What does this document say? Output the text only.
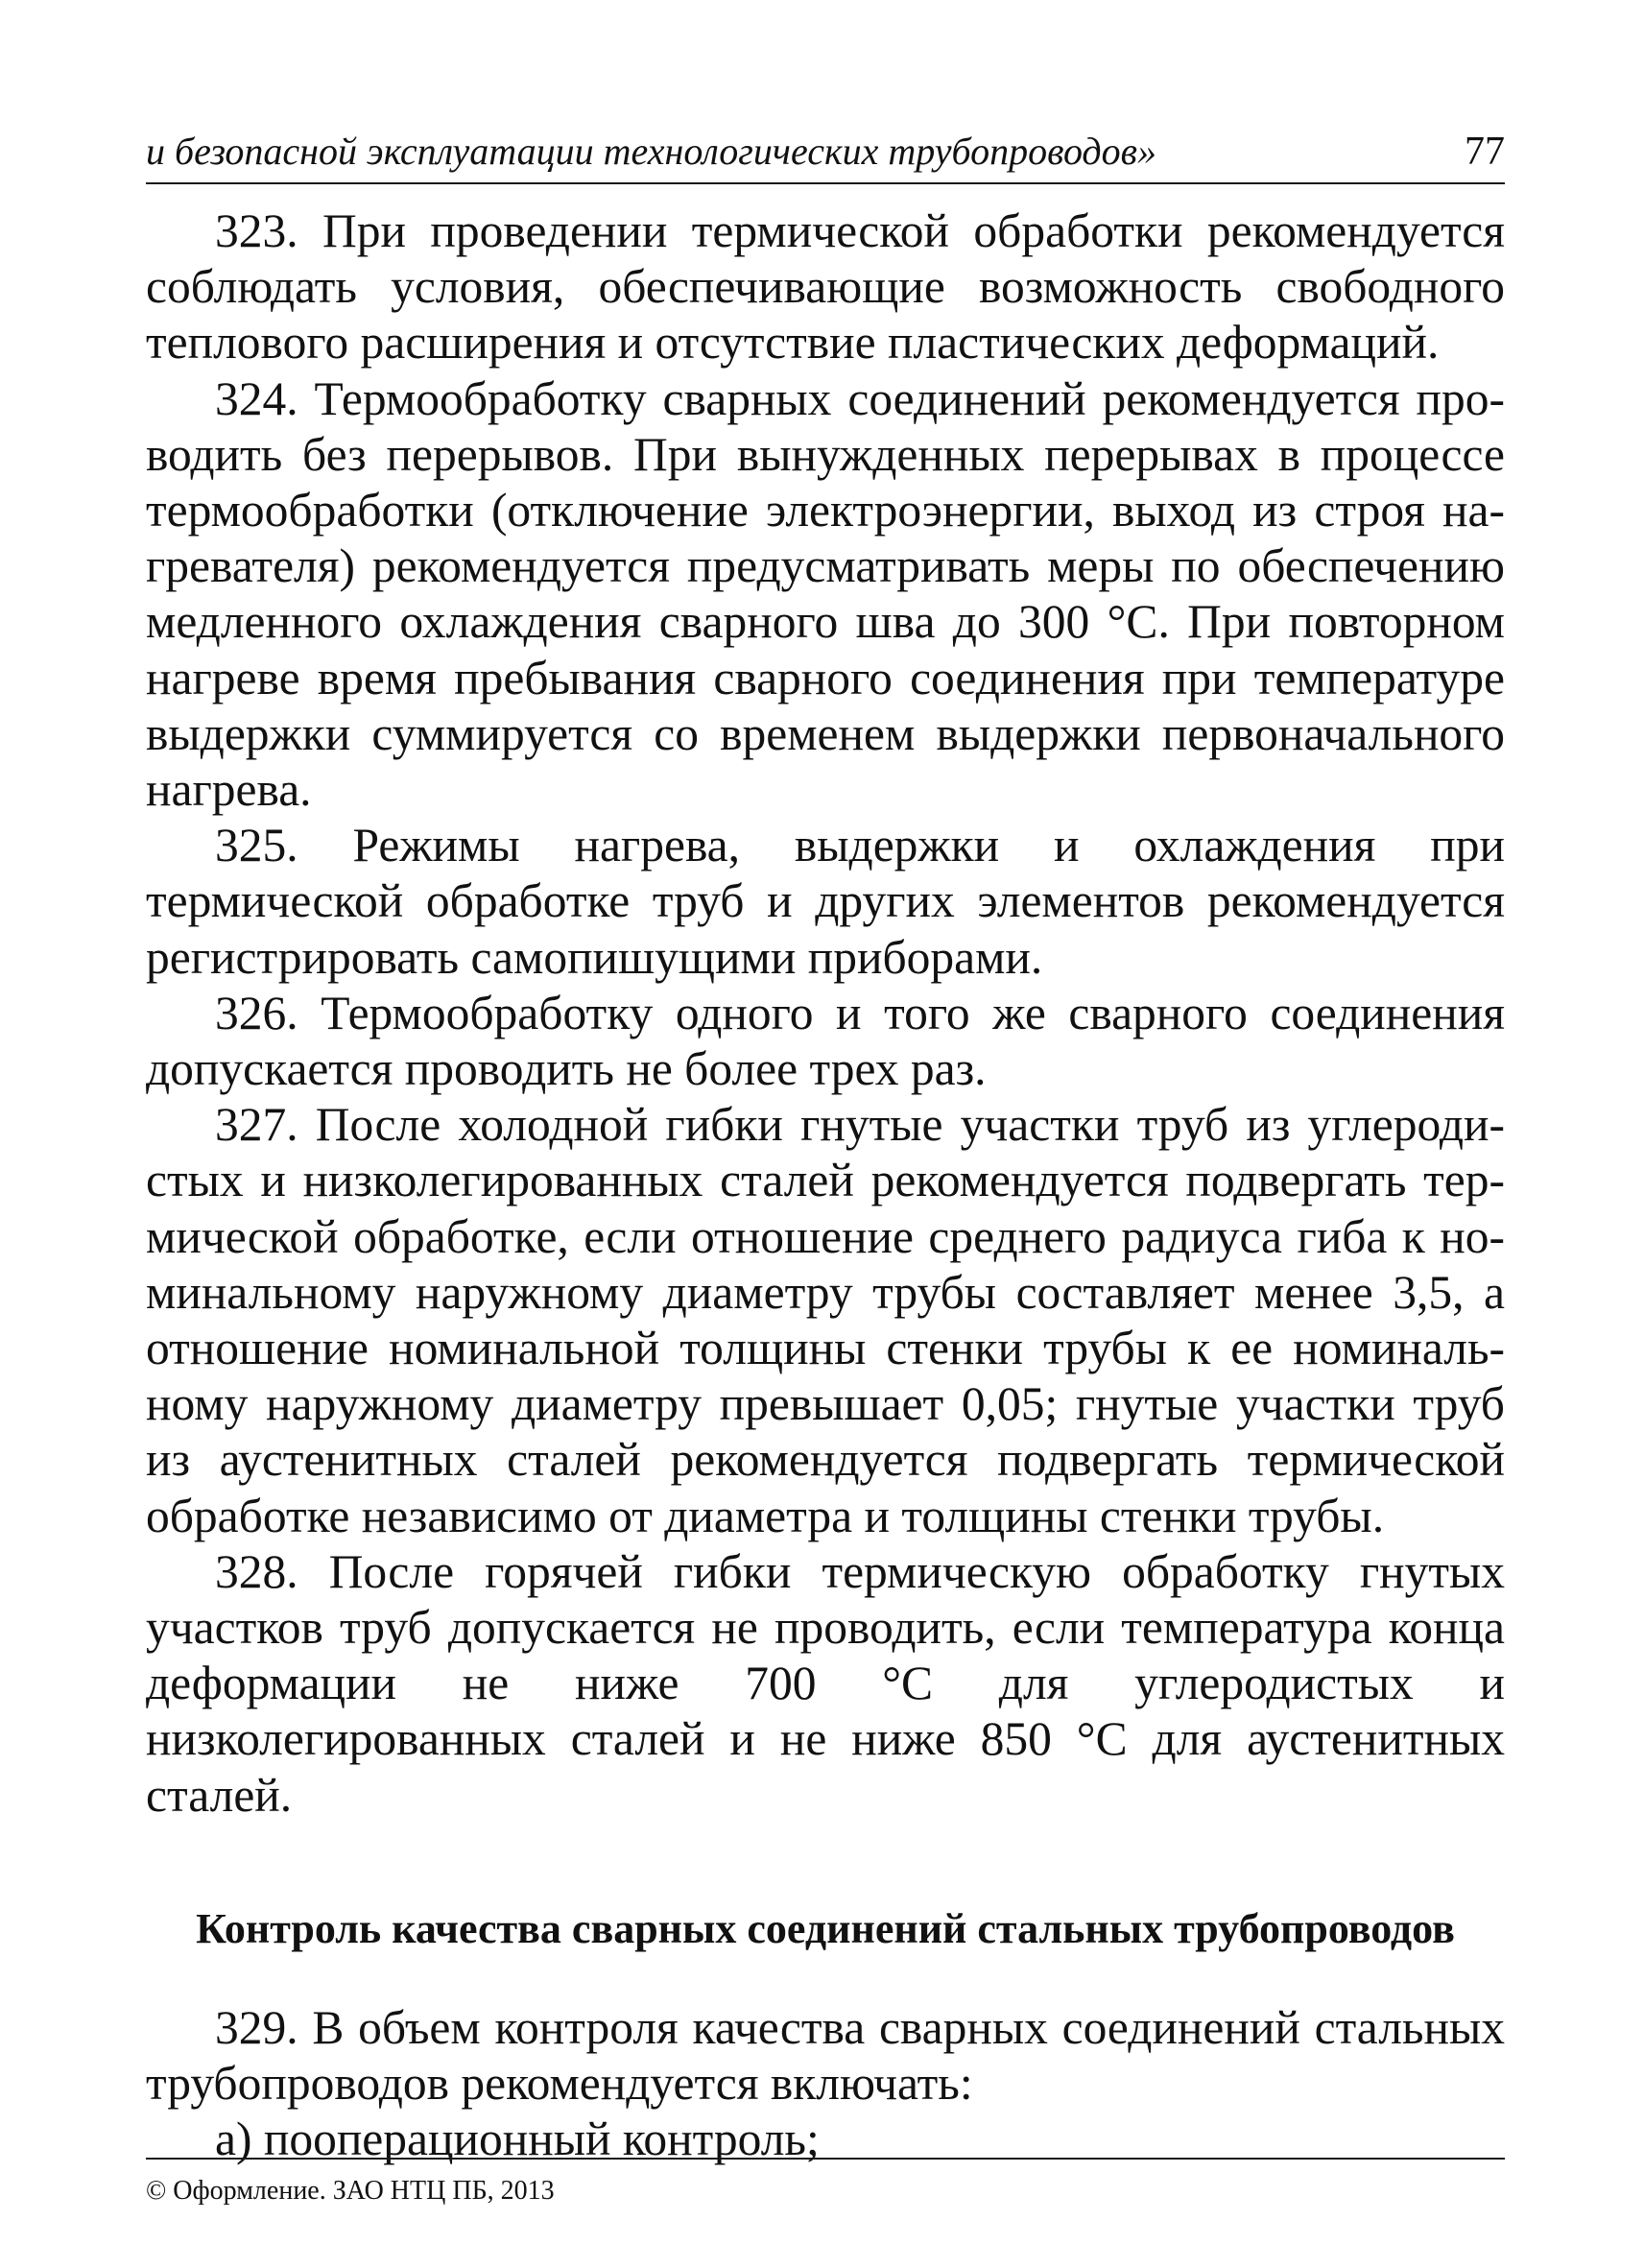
и безопасной эксплуатации технологических трубопроводов»	77

323. При проведении термической обработки рекомендуется соблюдать условия, обеспечивающие возможность свободного теплового расширения и отсутствие пластических деформаций.

324. Термообработку сварных соединений рекомендуется проводить без перерывов. При вынужденных перерывах в процессе термообработки (отключение электроэнергии, выход из строя нагревателя) рекомендуется предусматривать меры по обеспечению медленного охлаждения сварного шва до 300 °C. При повторном нагреве время пребывания сварного соединения при температуре выдержки суммируется со временем выдержки первоначального нагрева.

325. Режимы нагрева, выдержки и охлаждения при термической обработке труб и других элементов рекомендуется регистрировать самопишущими приборами.

326. Термообработку одного и того же сварного соединения допускается проводить не более трех раз.

327. После холодной гибки гнутые участки труб из углеродистых и низколегированных сталей рекомендуется подвергать термической обработке, если отношение среднего радиуса гиба к номинальному наружному диаметру трубы составляет менее 3,5, а отношение номинальной толщины стенки трубы к ее номинальному наружному диаметру превышает 0,05; гнутые участки труб из аустенитных сталей рекомендуется подвергать термической обработке независимо от диаметра и толщины стенки трубы.

328. После горячей гибки термическую обработку гнутых участков труб допускается не проводить, если температура конца деформации не ниже 700 °C для углеродистых и низколегированных сталей и не ниже 850 °C для аустенитных сталей.

Контроль качества сварных соединений стальных трубопроводов

329. В объем контроля качества сварных соединений стальных трубопроводов рекомендуется включать:

а) пооперационный контроль;

© Оформление. ЗАО НТЦ ПБ, 2013
